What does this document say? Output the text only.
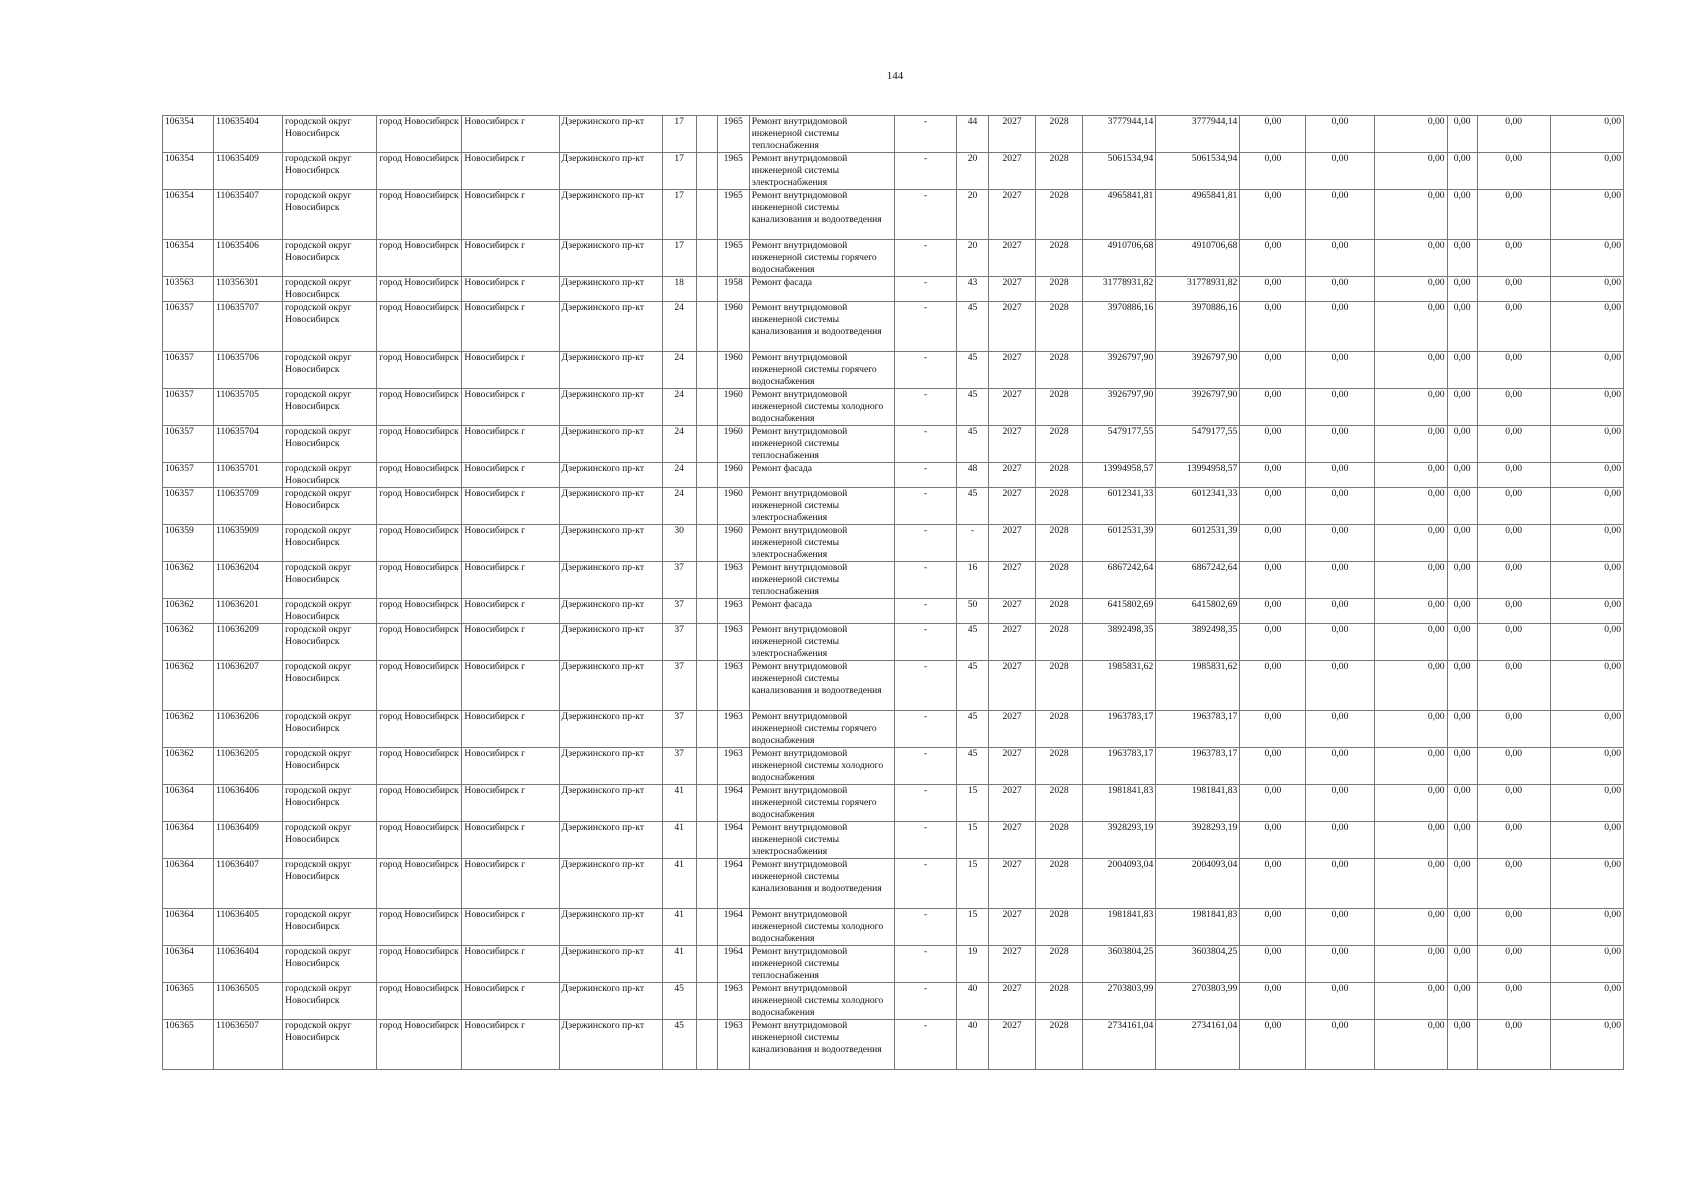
144
106354	110635404	городской округ Новосибирск	город Новосибирск	Новосибирск г	Дзержинского пр-кт	17		1965	Ремонт внутридомовой инженерной системы теплоснабжения	-	44	2027	2028	3777944,14	3777944,14	0,00	0,00	0,00	0,00	0,00	0,00
106354	110635409	городской округ Новосибирск	город Новосибирск	Новосибирск г	Дзержинского пр-кт	17		1965	Ремонт внутридомовой инженерной системы электроснабжения	-	20	2027	2028	5061534,94	5061534,94	0,00	0,00	0,00	0,00	0,00	0,00
106354	110635407	городской округ Новосибирск	город Новосибирск	Новосибирск г	Дзержинского пр-кт	17		1965	Ремонт внутридомовой инженерной системы канализования и водоотведения	-	20	2027	2028	4965841,81	4965841,81	0,00	0,00	0,00	0,00	0,00	0,00
106354	110635406	городской округ Новосибирск	город Новосибирск	Новосибирск г	Дзержинского пр-кт	17		1965	Ремонт внутридомовой инженерной системы горячего водоснабжения	-	20	2027	2028	4910706,68	4910706,68	0,00	0,00	0,00	0,00	0,00	0,00
103563	110356301	городской округ Новосибирск	город Новосибирск	Новосибирск г	Дзержинского пр-кт	18		1958	Ремонт фасада	-	43	2027	2028	31778931,82	31778931,82	0,00	0,00	0,00	0,00	0,00	0,00
106357	110635707	городской округ Новосибирск	город Новосибирск	Новосибирск г	Дзержинского пр-кт	24		1960	Ремонт внутридомовой инженерной системы канализования и водоотведения	-	45	2027	2028	3970886,16	3970886,16	0,00	0,00	0,00	0,00	0,00	0,00
106357	110635706	городской округ Новосибирск	город Новосибирск	Новосибирск г	Дзержинского пр-кт	24		1960	Ремонт внутридомовой инженерной системы горячего водоснабжения	-	45	2027	2028	3926797,90	3926797,90	0,00	0,00	0,00	0,00	0,00	0,00
106357	110635705	городской округ Новосибирск	город Новосибирск	Новосибирск г	Дзержинского пр-кт	24		1960	Ремонт внутридомовой инженерной системы холодного водоснабжения	-	45	2027	2028	3926797,90	3926797,90	0,00	0,00	0,00	0,00	0,00	0,00
106357	110635704	городской округ Новосибирск	город Новосибирск	Новосибирск г	Дзержинского пр-кт	24		1960	Ремонт внутридомовой инженерной системы теплоснабжения	-	45	2027	2028	5479177,55	5479177,55	0,00	0,00	0,00	0,00	0,00	0,00
106357	110635701	городской округ Новосибирск	город Новосибирск	Новосибирск г	Дзержинского пр-кт	24		1960	Ремонт фасада	-	48	2027	2028	13994958,57	13994958,57	0,00	0,00	0,00	0,00	0,00	0,00
106357	110635709	городской округ Новосибирск	город Новосибирск	Новосибирск г	Дзержинского пр-кт	24		1960	Ремонт внутридомовой инженерной системы электроснабжения	-	45	2027	2028	6012341,33	6012341,33	0,00	0,00	0,00	0,00	0,00	0,00
106359	110635909	городской округ Новосибирск	город Новосибирск	Новосибирск г	Дзержинского пр-кт	30		1960	Ремонт внутридомовой инженерной системы электроснабжения	-	-	2027	2028	6012531,39	6012531,39	0,00	0,00	0,00	0,00	0,00	0,00
106362	110636204	городской округ Новосибирск	город Новосибирск	Новосибирск г	Дзержинского пр-кт	37		1963	Ремонт внутридомовой инженерной системы теплоснабжения	-	16	2027	2028	6867242,64	6867242,64	0,00	0,00	0,00	0,00	0,00	0,00
106362	110636201	городской округ Новосибирск	город Новосибирск	Новосибирск г	Дзержинского пр-кт	37		1963	Ремонт фасада	-	50	2027	2028	6415802,69	6415802,69	0,00	0,00	0,00	0,00	0,00	0,00
106362	110636209	городской округ Новосибирск	город Новосибирск	Новосибирск г	Дзержинского пр-кт	37		1963	Ремонт внутридомовой инженерной системы электроснабжения	-	45	2027	2028	3892498,35	3892498,35	0,00	0,00	0,00	0,00	0,00	0,00
106362	110636207	городской округ Новосибирск	город Новосибирск	Новосибирск г	Дзержинского пр-кт	37		1963	Ремонт внутридомовой инженерной системы канализования и водоотведения	-	45	2027	2028	1985831,62	1985831,62	0,00	0,00	0,00	0,00	0,00	0,00
106362	110636206	городской округ Новосибирск	город Новосибирск	Новосибирск г	Дзержинского пр-кт	37		1963	Ремонт внутридомовой инженерной системы горячего водоснабжения	-	45	2027	2028	1963783,17	1963783,17	0,00	0,00	0,00	0,00	0,00	0,00
106362	110636205	городской округ Новосибирск	город Новосибирск	Новосибирск г	Дзержинского пр-кт	37		1963	Ремонт внутридомовой инженерной системы холодного водоснабжения	-	45	2027	2028	1963783,17	1963783,17	0,00	0,00	0,00	0,00	0,00	0,00
106364	110636406	городской округ Новосибирск	город Новосибирск	Новосибирск г	Дзержинского пр-кт	41		1964	Ремонт внутридомовой инженерной системы горячего водоснабжения	-	15	2027	2028	1981841,83	1981841,83	0,00	0,00	0,00	0,00	0,00	0,00
106364	110636409	городской округ Новосибирск	город Новосибирск	Новосибирск г	Дзержинского пр-кт	41		1964	Ремонт внутридомовой инженерной системы электроснабжения	-	15	2027	2028	3928293,19	3928293,19	0,00	0,00	0,00	0,00	0,00	0,00
106364	110636407	городской округ Новосибирск	город Новосибирск	Новосибирск г	Дзержинского пр-кт	41		1964	Ремонт внутридомовой инженерной системы канализования и водоотведения	-	15	2027	2028	2004093,04	2004093,04	0,00	0,00	0,00	0,00	0,00	0,00
106364	110636405	городской округ Новосибирск	город Новосибирск	Новосибирск г	Дзержинского пр-кт	41		1964	Ремонт внутридомовой инженерной системы холодного водоснабжения	-	15	2027	2028	1981841,83	1981841,83	0,00	0,00	0,00	0,00	0,00	0,00
106364	110636404	городской округ Новосибирск	город Новосибирск	Новосибирск г	Дзержинского пр-кт	41		1964	Ремонт внутридомовой инженерной системы теплоснабжения	-	19	2027	2028	3603804,25	3603804,25	0,00	0,00	0,00	0,00	0,00	0,00
106365	110636505	городской округ Новосибирск	город Новосибирск	Новосибирск г	Дзержинского пр-кт	45		1963	Ремонт внутридомовой инженерной системы холодного водоснабжения	-	40	2027	2028	2703803,99	2703803,99	0,00	0,00	0,00	0,00	0,00	0,00
106365	110636507	городской округ Новосибирск	город Новосибирск	Новосибирск г	Дзержинского пр-кт	45		1963	Ремонт внутридомовой инженерной системы канализования и водоотведения	-	40	2027	2028	2734161,04	2734161,04	0,00	0,00	0,00	0,00	0,00	0,00
